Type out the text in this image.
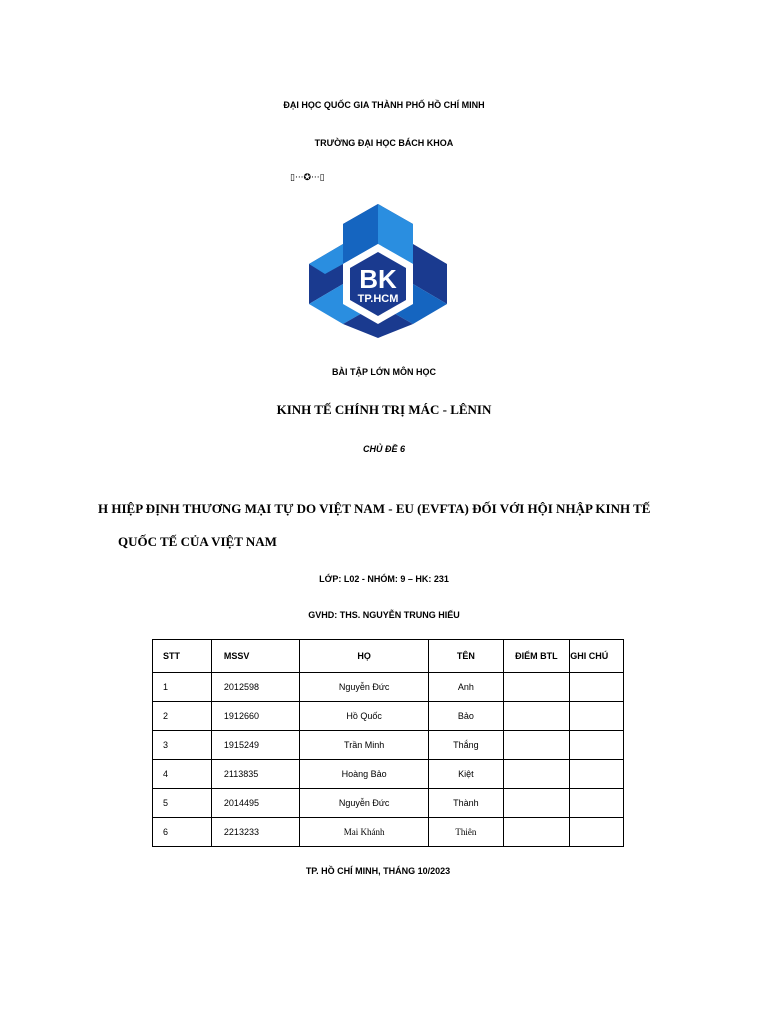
ĐẠI HỌC QUỐC GIA THÀNH PHỐ HỒ CHÍ MINH
TRƯỜNG ĐẠI HỌC BÁCH KHOA
▯···✪···▯
BK
TP.HCM
BÀI TẬP LỚN MÔN HỌC
KINH TẾ CHÍNH TRỊ MÁC - LÊNIN
CHỦ ĐỀ 6
H HIỆP ĐỊNH THƯƠNG MẠI TỰ DO VIỆT NAM - EU (EVFTA) ĐỐI VỚI HỘI NHẬP KINH TẾ
QUỐC TẾ CỦA VIỆT NAM
LỚP: L02 - NHÓM: 9 – HK: 231
GVHD: THS. NGUYỄN TRUNG HIẾU
STT	MSSV	HỌ	TÊN	ĐIỂM BTL	GHI CHÚ
1	2012598	Nguyễn Đức	Anh		
2	1912660	Hồ Quốc	Bảo		
3	1915249	Trần Minh	Thắng		
4	2113835	Hoàng Bảo	Kiệt		
5	2014495	Nguyễn Đức	Thành		
6	2213233	Mai Khánh	Thiên		
TP. HỒ CHÍ MINH, THÁNG 10/2023
